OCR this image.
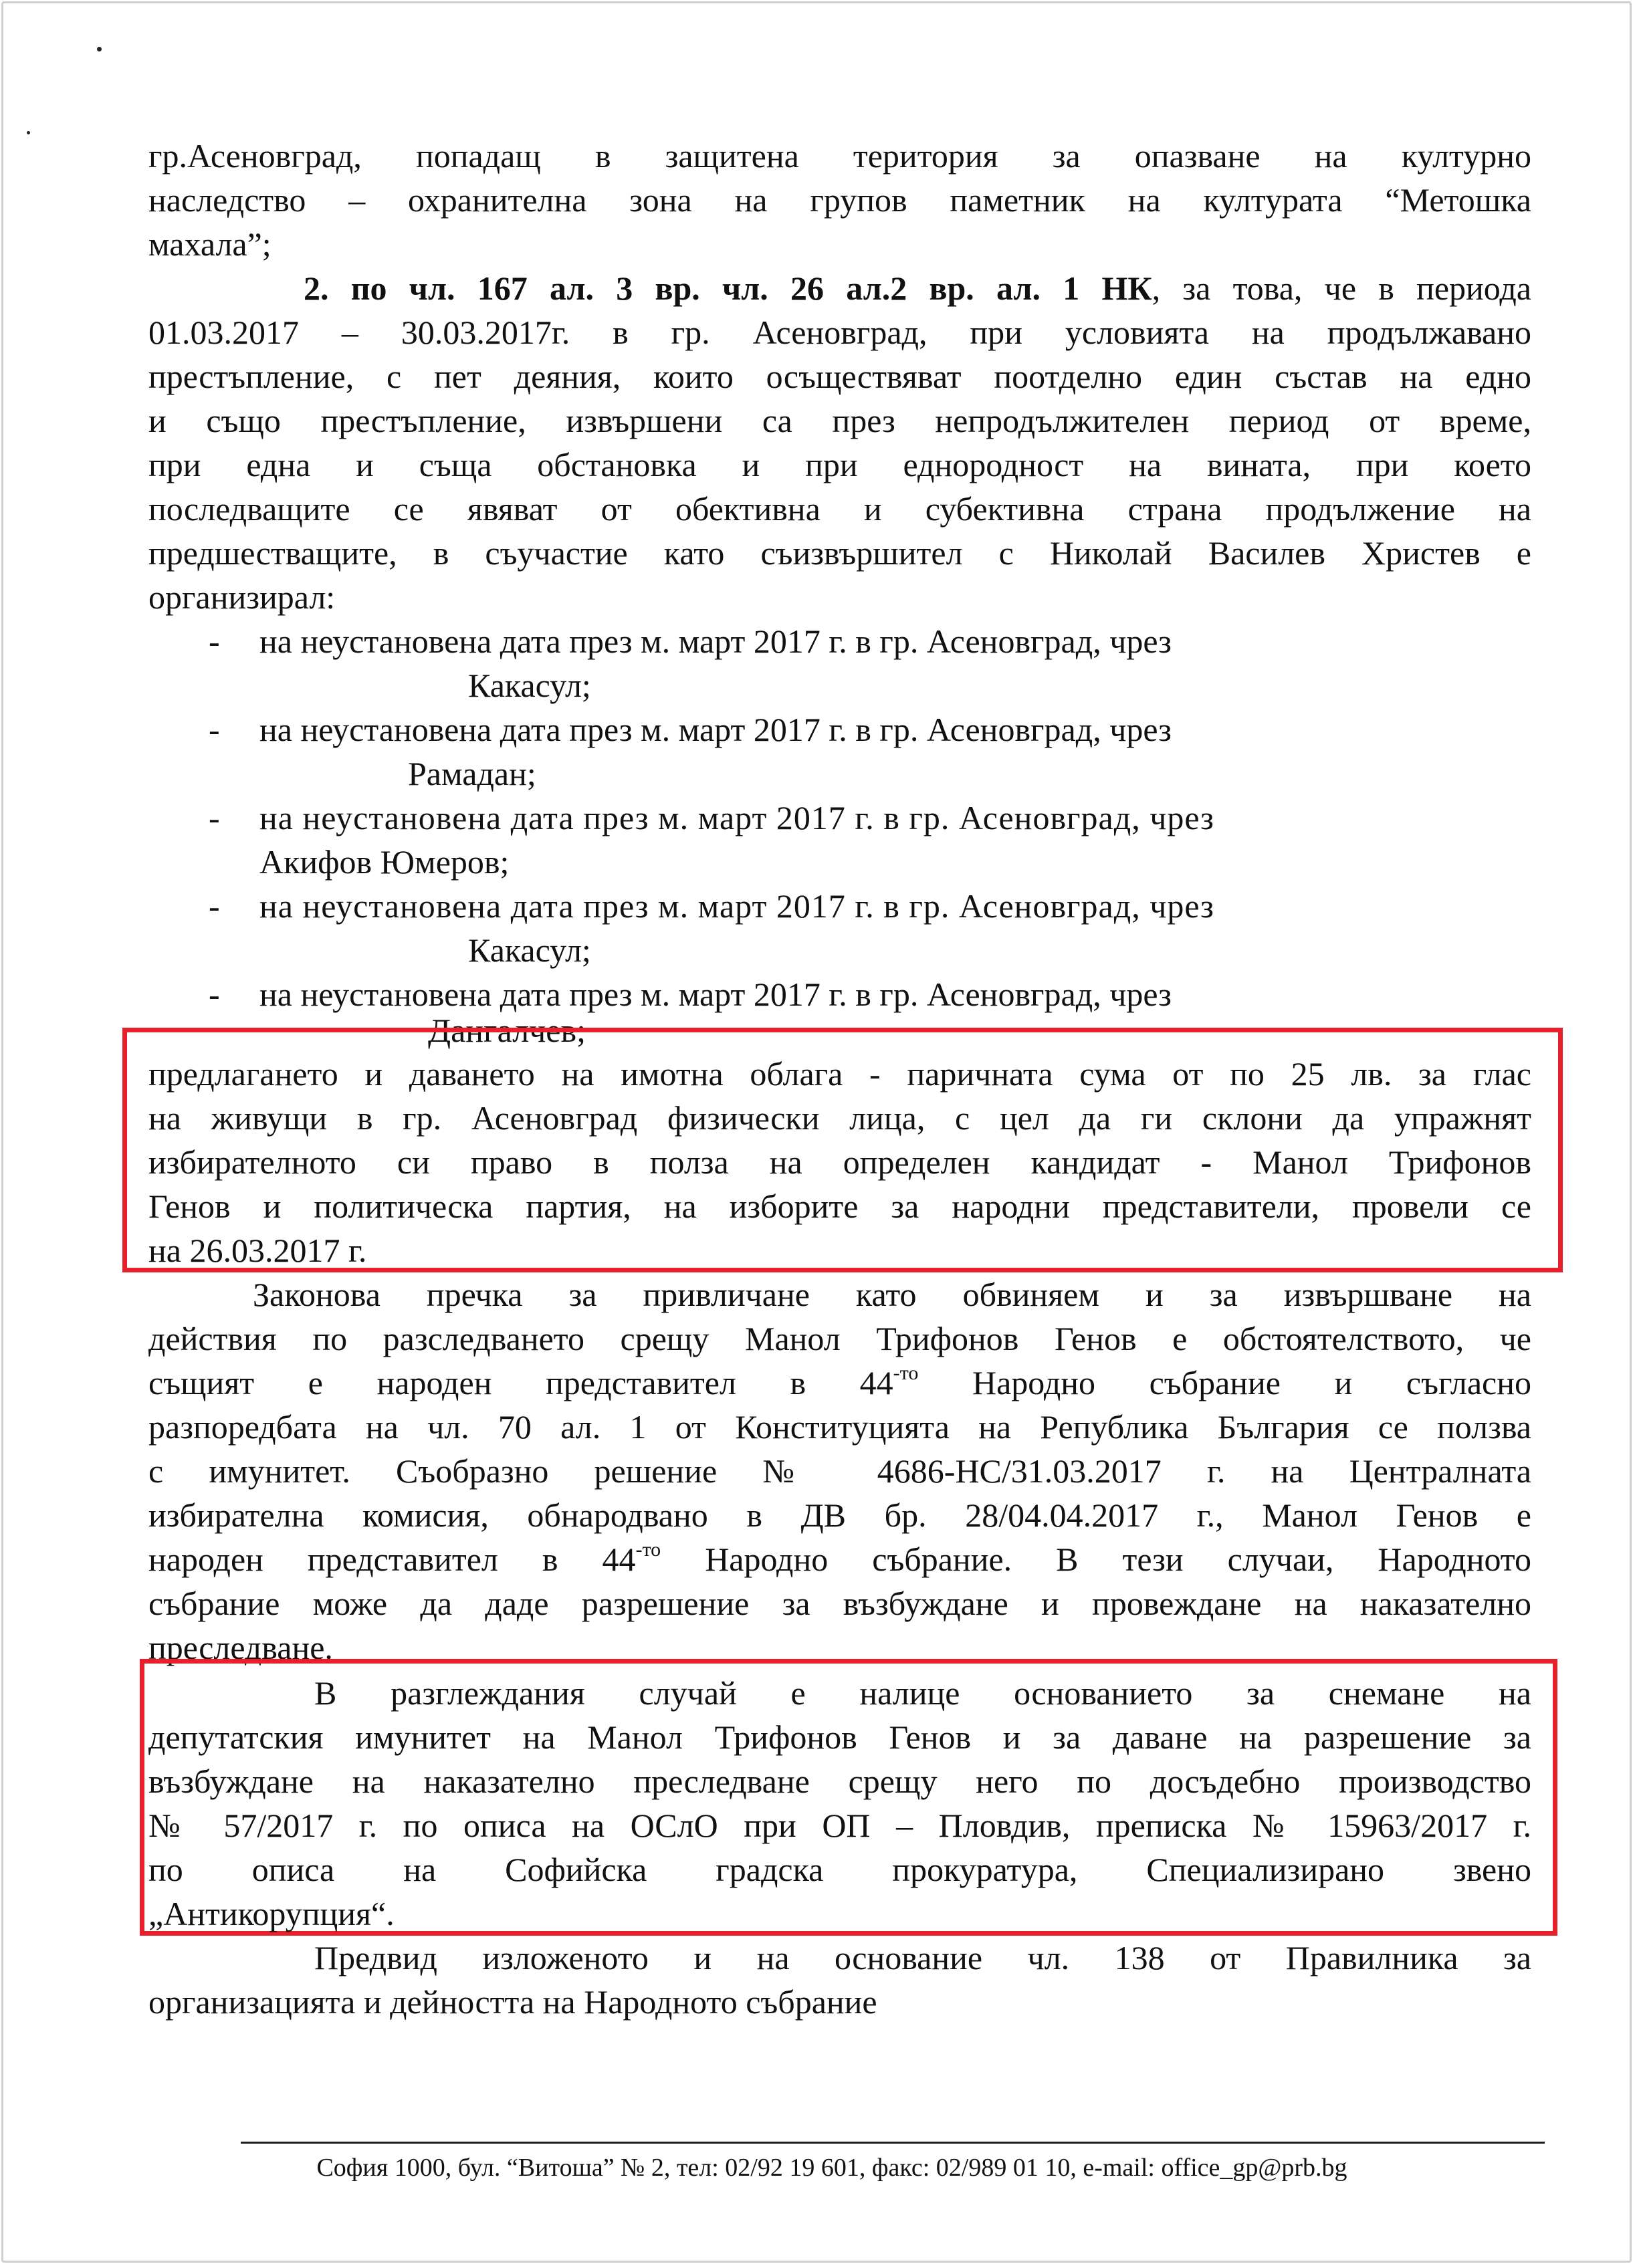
гр.Асеновград, попадащ в защитена територия за опазване на културно
наследство – охранителна зона на групов паметник на културата “Метошка
махала”;
2. по чл. 167 ал. 3 вр. чл. 26 ал.2 вр. ал. 1 НК, за това, че в периода
01.03.2017 – 30.03.2017г. в гр. Асеновград, при условията на продължавано
престъпление, с пет деяния, които осъществяват поотделно един състав на едно
и също престъпление, извършени са през непродължителен период от време,
при една и съща обстановка и при еднородност на вината, при което
последващите се явяват от обективна и субективна страна продължение на
предшестващите, в съучастие като съизвършител с Николай Василев Христев е
организирал:
- на неустановена дата през м. март 2017 г. в гр. Асеновград, чрез
Какасул;
- на неустановена дата през м. март 2017 г. в гр. Асеновград, чрез
Рамадан;
- на неустановена дата през м. март 2017 г. в гр. Асеновград, чрез
Акифов Юмеров;
- на неустановена дата през м. март 2017 г. в гр. Асеновград, чрез
Какасул;
- на неустановена дата през м. март 2017 г. в гр. Асеновград, чрез
Дангалчев;
предлагането и даването на имотна облага - паричната сума от по 25 лв. за глас
на живущи в гр. Асеновград физически лица, с цел да ги склони да упражнят
избирателното си право в полза на определен кандидат - Манол Трифонов
Генов и политическа партия, на изборите за народни представители, провели се
на 26.03.2017 г.
Законова пречка за привличане като обвиняем и за извършване на
действия по разследването срещу Манол Трифонов Генов е обстоятелството, че
същият е народен представител в $44^{-то}$ Народно събрание и съгласно
разпоредбата на чл. 70 ал. 1 от Конституцията на Република България се ползва
с имунитет. Съобразно решение № 4686-НС/31.03.2017 г. на Централната
избирателна комисия, обнародвано в ДВ бр. 28/04.04.2017 г., Манол Генов е
народен представител в $44^{-то}$ Народно събрание. В тези случаи, Народното
събрание може да даде разрешение за възбуждане и провеждане на наказателно
преследване.
В разглеждания случай е налице основанието за снемане на
депутатския имунитет на Манол Трифонов Генов и за даване на разрешение за
възбуждане на наказателно преследване срещу него по досъдебно производство
№ 57/2017 г. по описа на ОСлО при ОП – Пловдив, преписка № 15963/2017 г.
по описа на Софийска градска прокуратура, Специализирано звено
„Антикорупция“.
Предвид изложеното и на основание чл. 138 от Правилника за
организацията и дейността на Народното събрание
София 1000, бул. “Витоша” № 2, тел: 02/92 19 601, факс: 02/989 01 10, e-mail: office_gp@prb.bg
